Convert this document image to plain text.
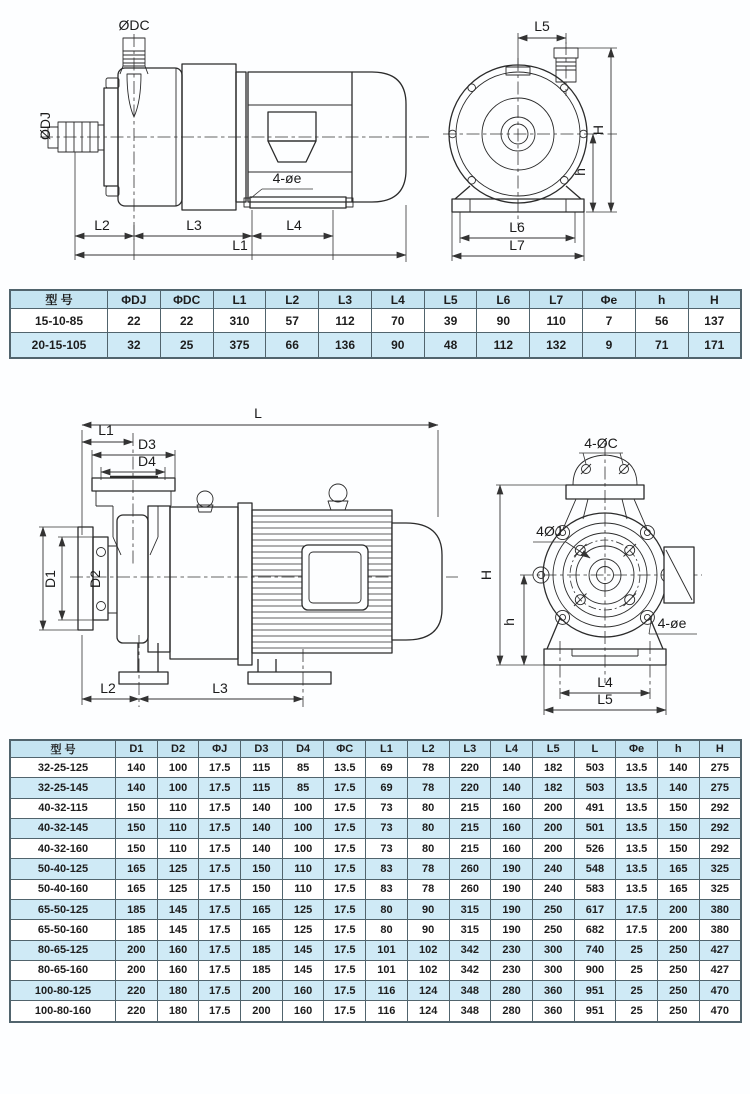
ØDC
ØDJ
4-øe
L2	L3	L4
L1
L5
H
h
L6
L7
型 号	ΦDJ	ΦDC	L1	L2	L3	L4	L5	L6	L7	Φe	h	H
15-10-85	22	22	310	57	112	70	39	90	110	7	56	137
20-15-105	32	25	375	66	136	90	48	112	132	9	71	171
L
L1
D3
D4
D1 D2
L2	L3
4-ØC
4ØJ
4-øe
H
h
L4
L5
型 号	D1	D2	ΦJ	D3	D4	ΦC	L1	L2	L3	L4	L5	L	Φe	h	H
32-25-125	140	100	17.5	115	85	13.5	69	78	220	140	182	503	13.5	140	275
32-25-145	140	100	17.5	115	85	17.5	69	78	220	140	182	503	13.5	140	275
40-32-115	150	110	17.5	140	100	17.5	73	80	215	160	200	491	13.5	150	292
40-32-145	150	110	17.5	140	100	17.5	73	80	215	160	200	501	13.5	150	292
40-32-160	150	110	17.5	140	100	17.5	73	80	215	160	200	526	13.5	150	292
50-40-125	165	125	17.5	150	110	17.5	83	78	260	190	240	548	13.5	165	325
50-40-160	165	125	17.5	150	110	17.5	83	78	260	190	240	583	13.5	165	325
65-50-125	185	145	17.5	165	125	17.5	80	90	315	190	250	617	17.5	200	380
65-50-160	185	145	17.5	165	125	17.5	80	90	315	190	250	682	17.5	200	380
80-65-125	200	160	17.5	185	145	17.5	101	102	342	230	300	740	25	250	427
80-65-160	200	160	17.5	185	145	17.5	101	102	342	230	300	900	25	250	427
100-80-125	220	180	17.5	200	160	17.5	116	124	348	280	360	951	25	250	470
100-80-160	220	180	17.5	200	160	17.5	116	124	348	280	360	951	25	250	470
